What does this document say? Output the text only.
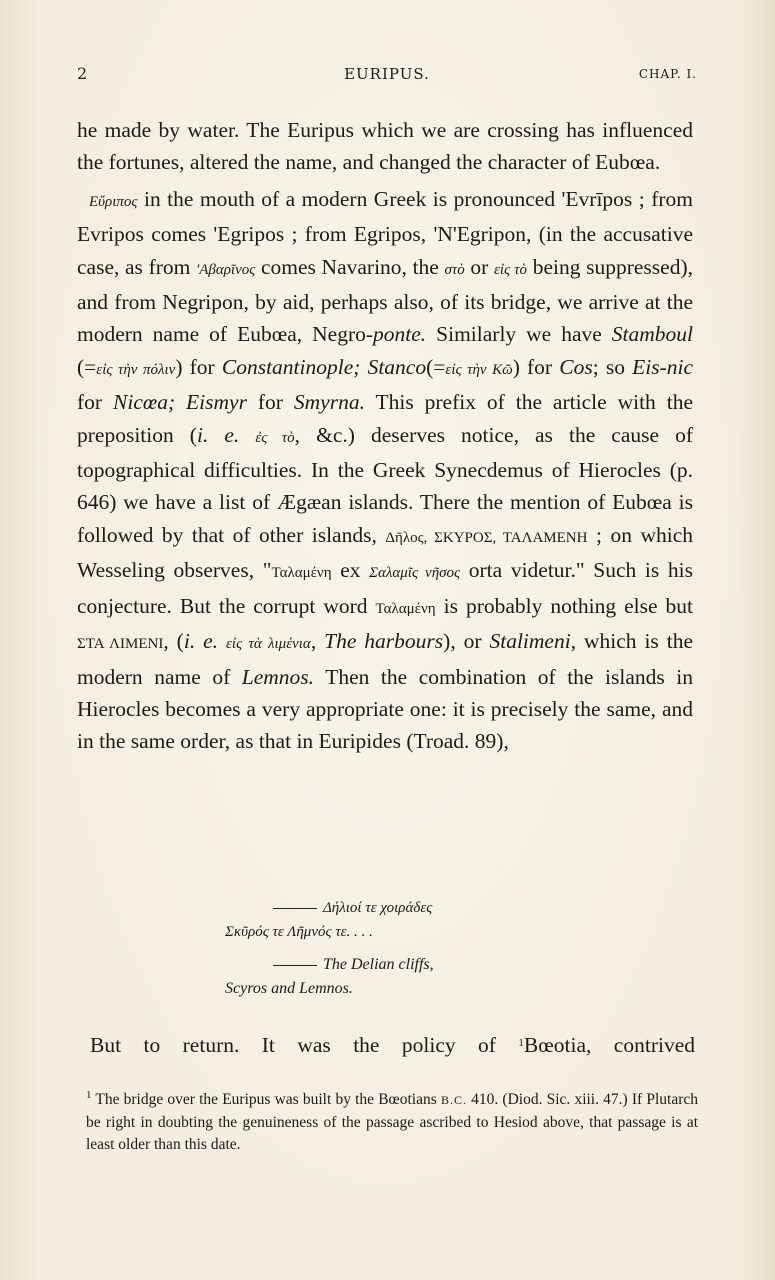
2	EURIPUS.	CHAP. I.

he made by water. The Euripus which we are crossing has influenced the fortunes, altered the name, and changed the character of Eubœa.

Εὔριπος in the mouth of a modern Greek is pronounced 'Evrīpos ; from Evripos comes 'Egripos ; from Egripos, 'N'Egripon, (in the accusative case, as from 'Αβαρῖνος comes Navarino, the στὸ or εἰς τὸ being suppressed), and from Negripon, by aid, perhaps also, of its bridge, we arrive at the modern name of Eubœa, Negro-ponte. Similarly we have Stamboul (=εἰς τὴν πόλιν) for Constantinople; Stanco(=εἰς τὴν Κῶ) for Cos; so Eis-nic for Nicœa; Eismyr for Smyrna. This prefix of the article with the preposition (i. e. ἐς τὸ, &c.) deserves notice, as the cause of topographical difficulties. In the Greek Synecdemus of Hierocles (p. 646) we have a list of Ægæan islands. There the mention of Eubœa is followed by that of other islands, Δῆλος, ΣΚΥΡΟΣ, ΤΑΛΑΜΕΝΗ ; on which Wesseling observes, "Ταλαμένη ex Σαλαμῖς νῆσος orta videtur." Such is his conjecture. But the corrupt word Ταλαμένη is probably nothing else but ΣΤΑ ΛΙΜΕΝΙ, (i. e. εἰς τὰ λιμένια, The harbours), or Stalimeni, which is the modern name of Lemnos. Then the combination of the islands in Hierocles becomes a very appropriate one: it is precisely the same, and in the same order, as that in Euripides (Troad. 89),

Δήλιοί τε χοιράδες
Σκῦρός τε Λῆμνός τε. . . .
The Delian cliffs,
Scyros and Lemnos.
But to return. It was the policy of $^1$Bœotia, contrived
$^1$ The bridge over the Euripus was built by the Bœotians B.C. 410. (Diod. Sic. xiii. 47.) If Plutarch be right in doubting the genuineness of the passage ascribed to Hesiod above, that passage is at least older than this date.
